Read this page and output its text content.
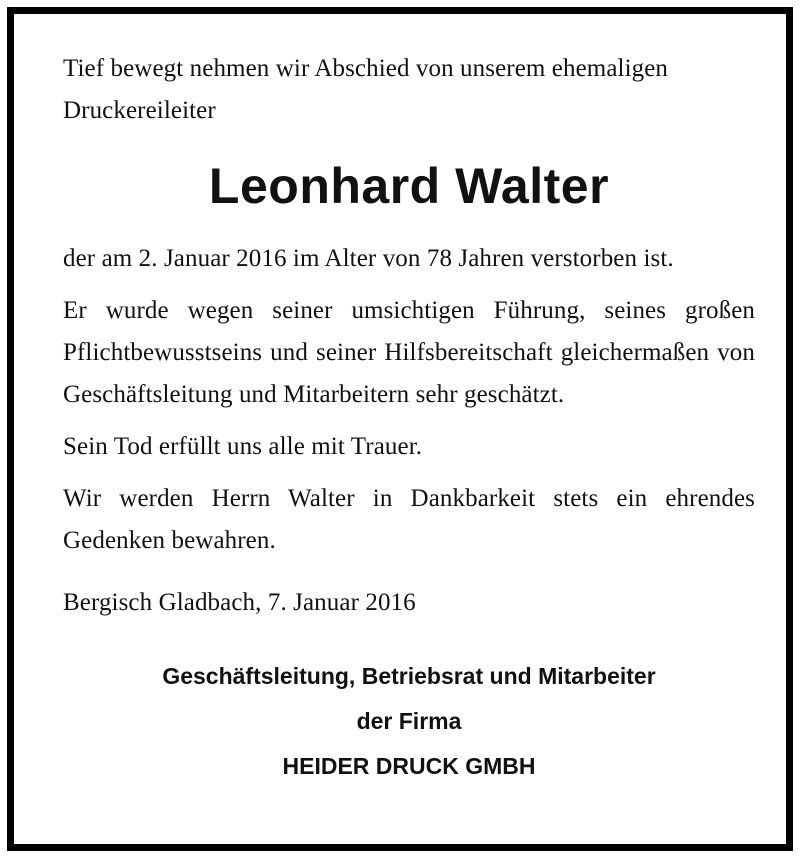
Tief bewegt nehmen wir Abschied von unserem ehemaligen Druckereileiter

Leonhard Walter

der am 2. Januar 2016 im Alter von 78 Jahren verstorben ist.

Er wurde wegen seiner umsichtigen Führung, seines großen Pflichtbewusstseins und seiner Hilfsbereitschaft gleichermaßen von Geschäftsleitung und Mitarbeitern sehr geschätzt.

Sein Tod erfüllt uns alle mit Trauer.

Wir werden Herrn Walter in Dankbarkeit stets ein ehrendes Gedenken bewahren.

Bergisch Gladbach, 7. Januar 2016

Geschäftsleitung, Betriebsrat und Mitarbeiter
der Firma
HEIDER DRUCK GMBH
